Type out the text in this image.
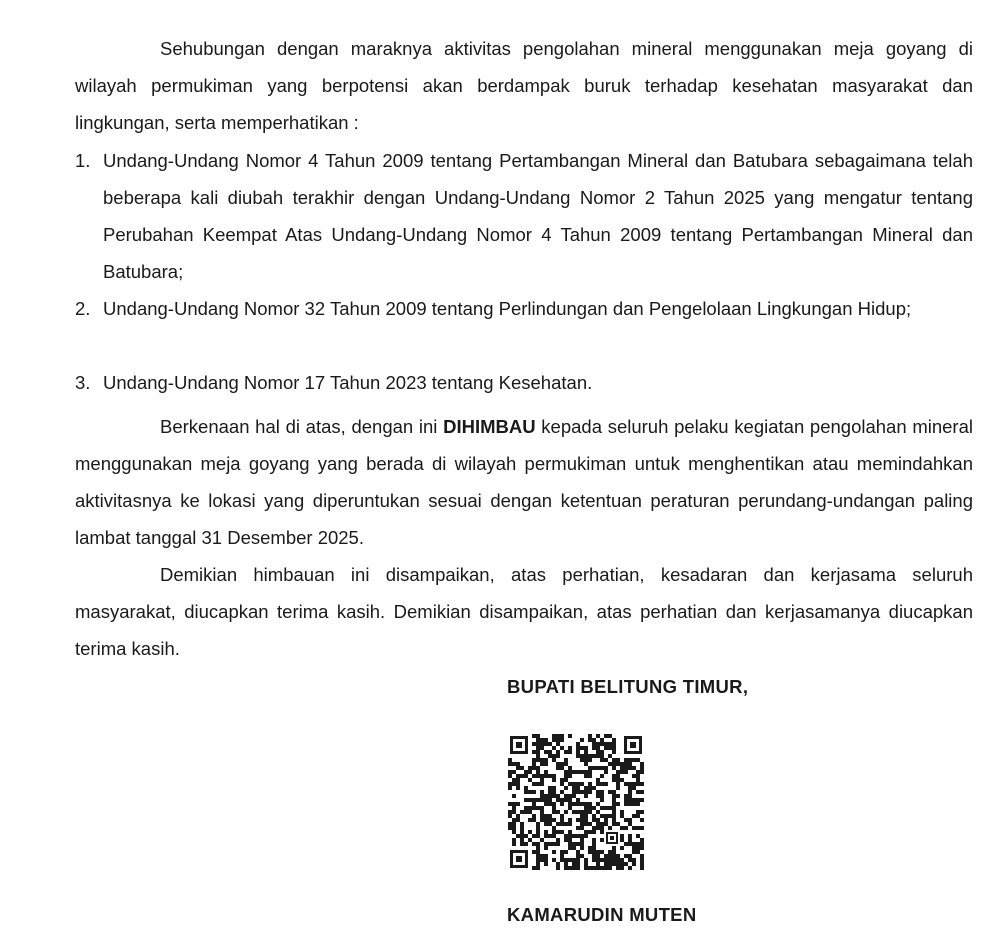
Sehubungan dengan maraknya aktivitas pengolahan mineral menggunakan meja goyang di wilayah permukiman yang berpotensi akan berdampak buruk terhadap kesehatan masyarakat dan lingkungan, serta memperhatikan :
1. Undang-Undang Nomor 4 Tahun 2009 tentang Pertambangan Mineral dan Batubara sebagaimana telah beberapa kali diubah terakhir dengan Undang-Undang Nomor 2 Tahun 2025 yang mengatur tentang Perubahan Keempat Atas Undang-Undang Nomor 4 Tahun 2009 tentang Pertambangan Mineral dan Batubara;
2. Undang-Undang Nomor 32 Tahun 2009 tentang Perlindungan dan Pengelolaan Lingkungan Hidup;
3. Undang-Undang Nomor 17 Tahun 2023 tentang Kesehatan.
Berkenaan hal di atas, dengan ini DIHIMBAU kepada seluruh pelaku kegiatan pengolahan mineral menggunakan meja goyang yang berada di wilayah permukiman untuk menghentikan atau memindahkan aktivitasnya ke lokasi yang diperuntukan sesuai dengan ketentuan peraturan perundang-undangan paling lambat tanggal 31 Desember 2025.
Demikian himbauan ini disampaikan, atas perhatian, kesadaran dan kerjasama seluruh masyarakat, diucapkan terima kasih. Demikian disampaikan, atas perhatian dan kerjasamanya diucapkan terima kasih.
BUPATI BELITUNG TIMUR,
KAMARUDIN MUTEN
